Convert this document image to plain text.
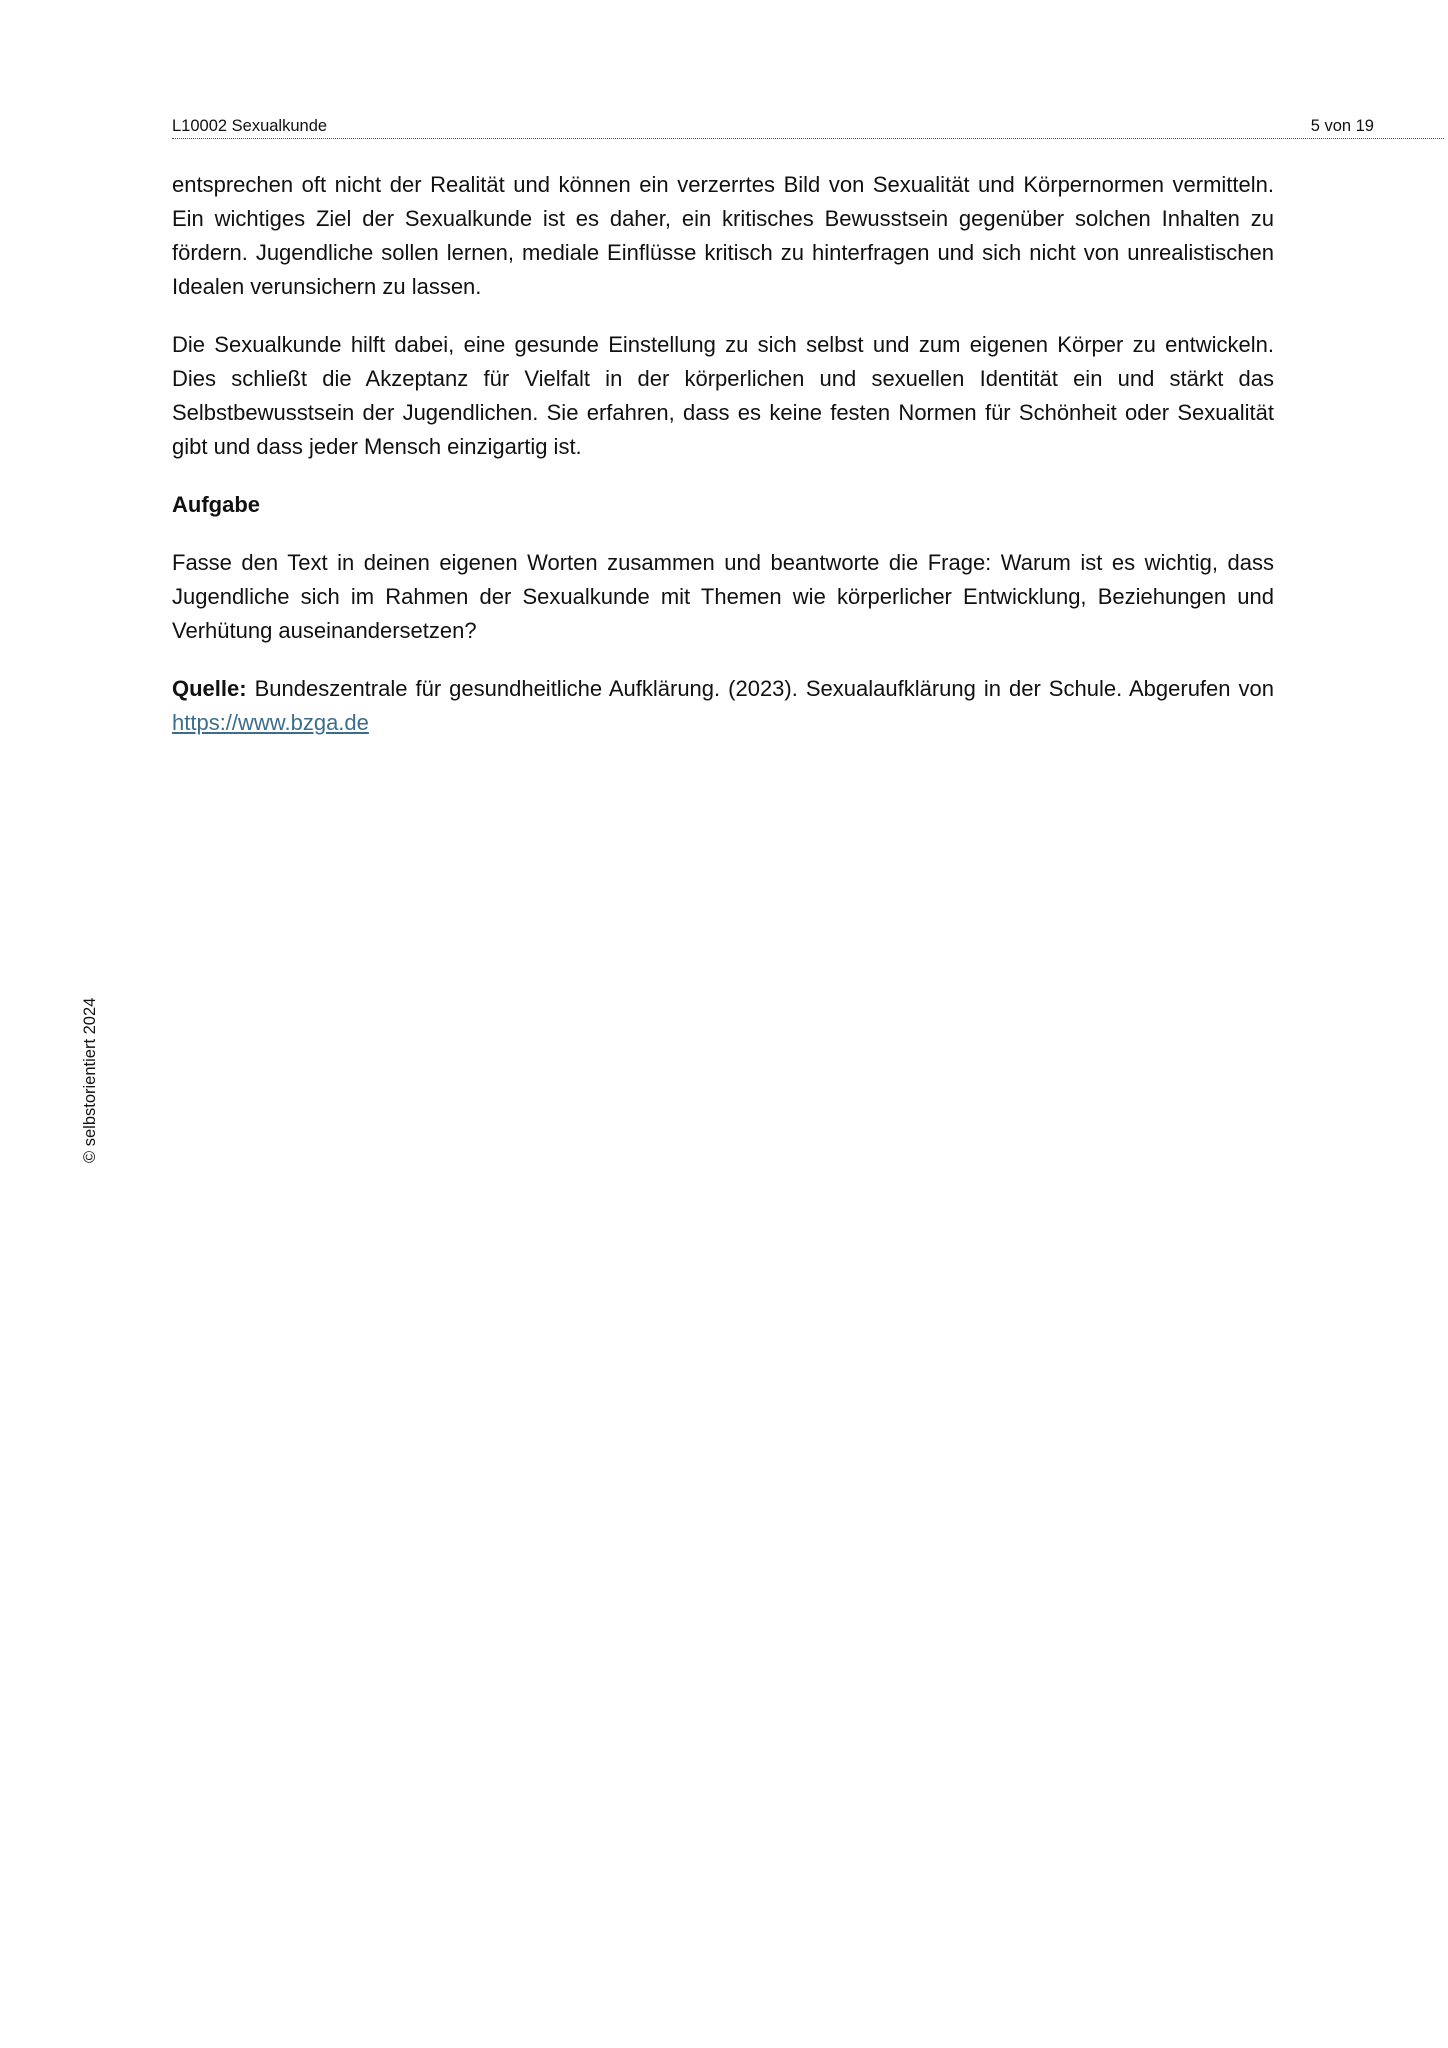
L10002 Sexualkunde	5 von 19

entsprechen oft nicht der Realität und können ein verzerrtes Bild von Sexualität und Körpernormen vermitteln. Ein wichtiges Ziel der Sexualkunde ist es daher, ein kritisches Bewusstsein gegenüber solchen Inhalten zu fördern. Jugendliche sollen lernen, mediale Einflüsse kritisch zu hinterfragen und sich nicht von unrealistischen Idealen verunsichern zu lassen.

Die Sexualkunde hilft dabei, eine gesunde Einstellung zu sich selbst und zum eigenen Körper zu entwickeln. Dies schließt die Akzeptanz für Vielfalt in der körperlichen und sexuellen Identität ein und stärkt das Selbstbewusstsein der Jugendlichen. Sie erfahren, dass es keine festen Normen für Schönheit oder Sexualität gibt und dass jeder Mensch einzigartig ist.

Aufgabe

Fasse den Text in deinen eigenen Worten zusammen und beantworte die Frage: Warum ist es wichtig, dass Jugendliche sich im Rahmen der Sexualkunde mit Themen wie körperlicher Entwicklung, Beziehungen und Verhütung auseinandersetzen?

Quelle: Bundeszentrale für gesundheitliche Aufklärung. (2023). Sexualaufklärung in der Schule. Abgerufen von https://www.bzga.de

© selbstorientiert 2024
